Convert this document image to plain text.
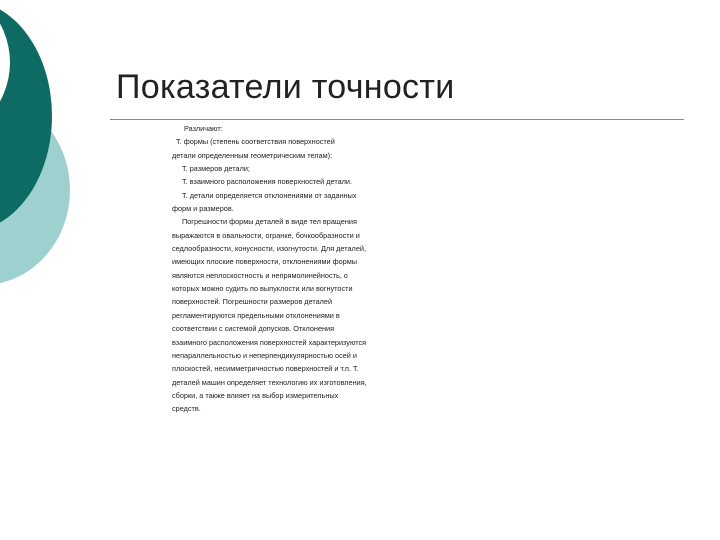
Показатели точности
Различают:
Т. формы (степень соответствия поверхностей
детали определенным геометрическим телам);
Т. размеров детали;
Т. взаимного расположения поверхностей детали.
Т. детали определяется отклонениями от заданных
форм и размеров.
Погрешности формы деталей в виде тел вращения
выражаются в овальности, огранке, бочкообразности и
седлообразности, конусности, изогнутости. Для деталей,
имеющих плоские поверхности, отклонениями формы
являются неплоскостность и непрямолинейность, о
которых можно судить по выпуклости или вогнутости
поверхностей. Погрешности размеров деталей
регламентируются предельными отклонениями в
соответствии с системой допусков. Отклонения
взаимного расположения поверхностей характеризуются
непараллельностью и неперпендикулярностью осей и
плоскостей, несимметричностью поверхностей и т.п. Т.
деталей машин определяет технологию их изготовления,
сборки, а также влияет на выбор измерительных
средств.
